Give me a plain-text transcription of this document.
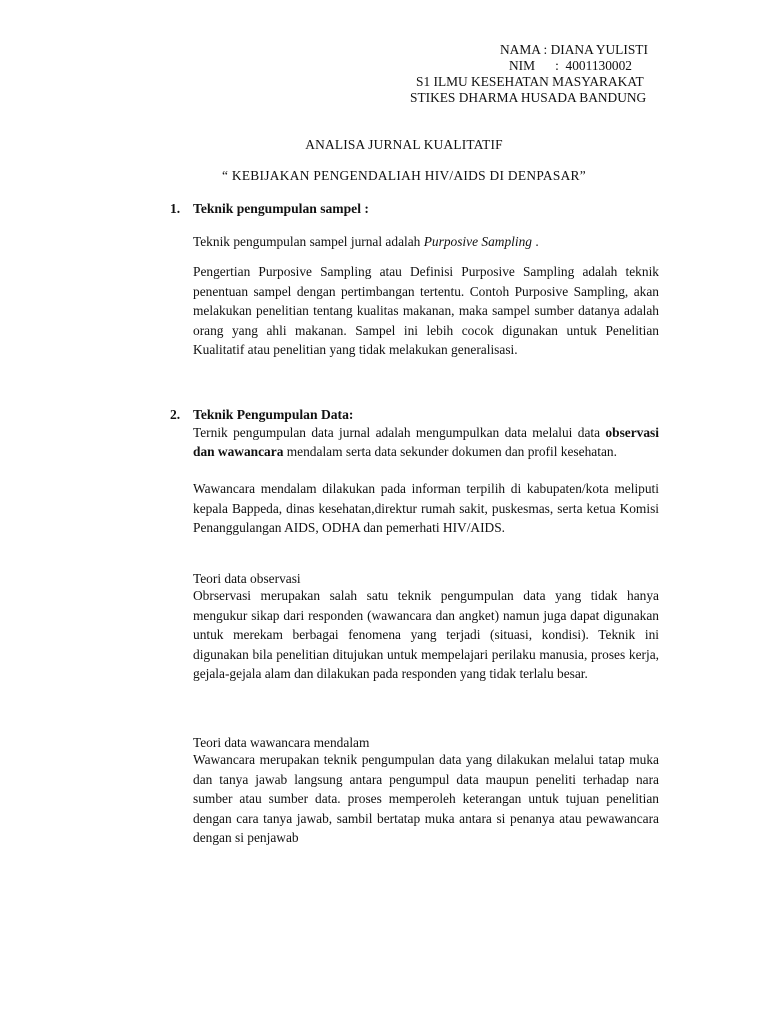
NAMA : DIANA YULISTI
NIM      :  4001130002
S1 ILMU KESEHATAN MASYARAKAT
STIKES DHARMA HUSADA BANDUNG
ANALISA JURNAL KUALITATIF
“ KEBIJAKAN PENGENDALIAH HIV/AIDS DI DENPASAR”
1. Teknik pengumpulan sampel :
Teknik pengumpulan sampel jurnal adalah Purposive Sampling .
Pengertian Purposive Sampling atau Definisi Purposive Sampling adalah teknik penentuan sampel dengan pertimbangan tertentu. Contoh Purposive Sampling, akan melakukan penelitian tentang kualitas makanan, maka sampel sumber datanya adalah orang yang ahli makanan. Sampel ini lebih cocok digunakan untuk Penelitian Kualitatif atau penelitian yang tidak melakukan generalisasi.
2. Teknik Pengumpulan Data:
Ternik pengumpulan data jurnal adalah mengumpulkan data melalui data observasi dan wawancara mendalam serta data sekunder dokumen dan profil kesehatan.
Wawancara mendalam dilakukan pada informan terpilih di kabupaten/kota meliputi kepala Bappeda, dinas kesehatan,direktur rumah sakit, puskesmas, serta ketua Komisi Penanggulangan AIDS, ODHA dan pemerhati HIV/AIDS.
Teori data observasi
Obrservasi merupakan salah satu teknik pengumpulan data yang tidak hanya mengukur sikap dari responden (wawancara dan angket) namun juga dapat digunakan untuk merekam berbagai fenomena yang terjadi (situasi, kondisi). Teknik ini digunakan bila penelitian ditujukan untuk mempelajari perilaku manusia, proses kerja, gejala-gejala alam dan dilakukan pada responden yang tidak terlalu besar.
Teori data wawancara mendalam
Wawancara merupakan teknik pengumpulan data yang dilakukan melalui tatap muka dan tanya jawab langsung antara pengumpul data maupun peneliti terhadap nara sumber atau sumber data. proses memperoleh keterangan untuk tujuan penelitian dengan cara tanya jawab, sambil bertatap muka antara si penanya atau pewawancara dengan si penjawab
